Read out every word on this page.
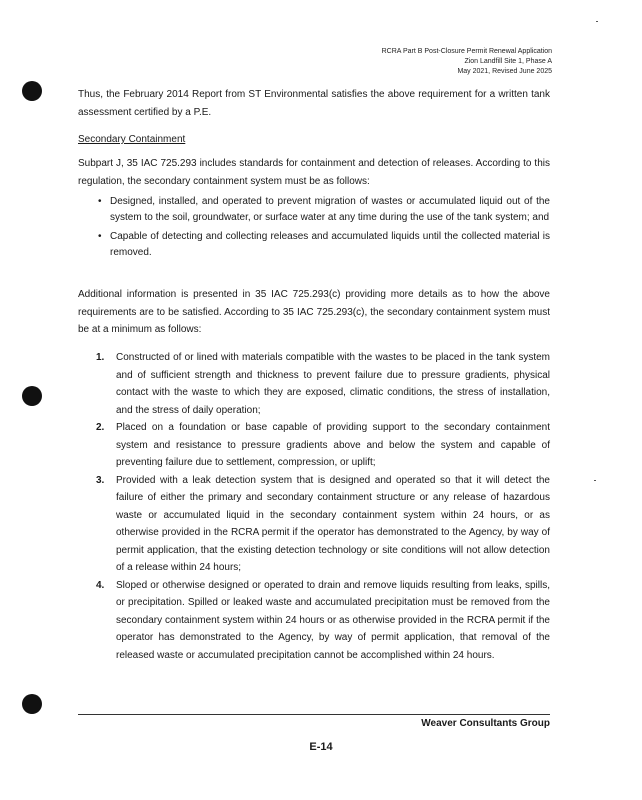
RCRA Part B Post-Closure Permit Renewal Application
Zion Landfill Site 1, Phase A
May 2021, Revised June 2025
Thus, the February 2014 Report from ST Environmental satisfies the above requirement for a written tank assessment certified by a P.E.
Secondary Containment
Subpart J, 35 IAC 725.293 includes standards for containment and detection of releases. According to this regulation, the secondary containment system must be as follows:
• Designed, installed, and operated to prevent migration of wastes or accumulated liquid out of the system to the soil, groundwater, or surface water at any time during the use of the tank system; and
• Capable of detecting and collecting releases and accumulated liquids until the collected material is removed.
Additional information is presented in 35 IAC 725.293(c) providing more details as to how the above requirements are to be satisfied. According to 35 IAC 725.293(c), the secondary containment system must be at a minimum as follows:
1. Constructed of or lined with materials compatible with the wastes to be placed in the tank system and of sufficient strength and thickness to prevent failure due to pressure gradients, physical contact with the waste to which they are exposed, climatic conditions, the stress of installation, and the stress of daily operation;
2. Placed on a foundation or base capable of providing support to the secondary containment system and resistance to pressure gradients above and below the system and capable of preventing failure due to settlement, compression, or uplift;
3. Provided with a leak detection system that is designed and operated so that it will detect the failure of either the primary and secondary containment structure or any release of hazardous waste or accumulated liquid in the secondary containment system within 24 hours, or as otherwise provided in the RCRA permit if the operator has demonstrated to the Agency, by way of permit application, that the existing detection technology or site conditions will not allow detection of a release within 24 hours;
4. Sloped or otherwise designed or operated to drain and remove liquids resulting from leaks, spills, or precipitation. Spilled or leaked waste and accumulated precipitation must be removed from the secondary containment system within 24 hours or as otherwise provided in the RCRA permit if the operator has demonstrated to the Agency, by way of permit application, that removal of the released waste or accumulated precipitation cannot be accomplished within 24 hours.
Weaver Consultants Group
E-14
